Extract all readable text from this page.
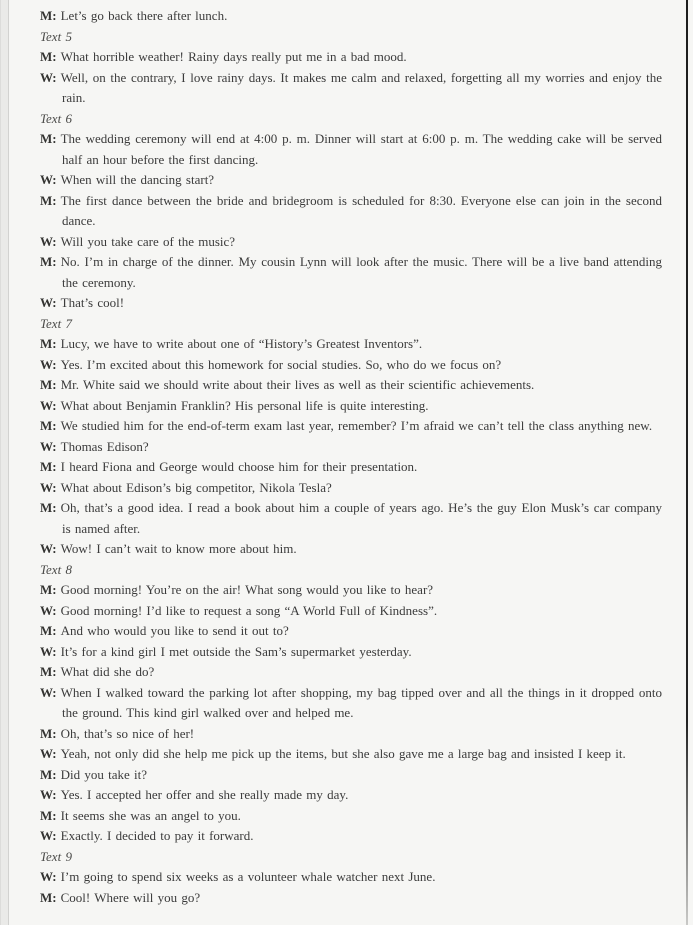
M: Let’s go back there after lunch.
Text 5
M: What horrible weather! Rainy days really put me in a bad mood.
W: Well, on the contrary, I love rainy days. It makes me calm and relaxed, forgetting all my worries and enjoy the rain.
Text 6
M: The wedding ceremony will end at 4:00 p. m. Dinner will start at 6:00 p. m. The wedding cake will be served half an hour before the first dancing.
W: When will the dancing start?
M: The first dance between the bride and bridegroom is scheduled for 8:30. Everyone else can join in the second dance.
W: Will you take care of the music?
M: No. I’m in charge of the dinner. My cousin Lynn will look after the music. There will be a live band attending the ceremony.
W: That’s cool!
Text 7
M: Lucy, we have to write about one of “History’s Greatest Inventors”.
W: Yes. I’m excited about this homework for social studies. So, who do we focus on?
M: Mr. White said we should write about their lives as well as their scientific achievements.
W: What about Benjamin Franklin? His personal life is quite interesting.
M: We studied him for the end-of-term exam last year, remember? I’m afraid we can’t tell the class anything new.
W: Thomas Edison?
M: I heard Fiona and George would choose him for their presentation.
W: What about Edison’s big competitor, Nikola Tesla?
M: Oh, that’s a good idea. I read a book about him a couple of years ago. He’s the guy Elon Musk’s car company is named after.
W: Wow! I can’t wait to know more about him.
Text 8
M: Good morning! You’re on the air! What song would you like to hear?
W: Good morning! I’d like to request a song “A World Full of Kindness”.
M: And who would you like to send it out to?
W: It’s for a kind girl I met outside the Sam’s supermarket yesterday.
M: What did she do?
W: When I walked toward the parking lot after shopping, my bag tipped over and all the things in it dropped onto the ground. This kind girl walked over and helped me.
M: Oh, that’s so nice of her!
W: Yeah, not only did she help me pick up the items, but she also gave me a large bag and insisted I keep it.
M: Did you take it?
W: Yes. I accepted her offer and she really made my day.
M: It seems she was an angel to you.
W: Exactly. I decided to pay it forward.
Text 9
W: I’m going to spend six weeks as a volunteer whale watcher next June.
M: Cool! Where will you go?
